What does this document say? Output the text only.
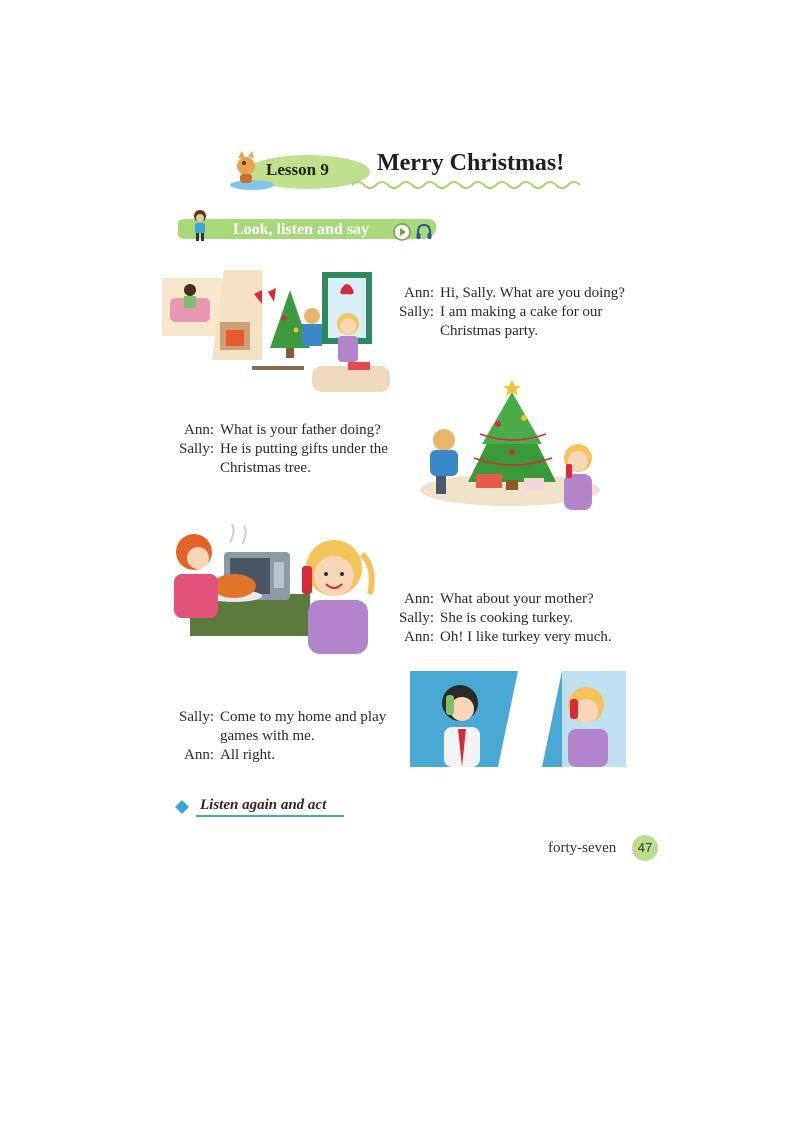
Lesson 9 Merry Christmas!
Look, listen and say
Ann: Hi, Sally. What are you doing?
Sally: I am making a cake for our
Christmas party.
Ann: What is your father doing?
Sally: He is putting gifts under the
Christmas tree.
Ann: What about your mother?
Sally: She is cooking turkey.
Ann: Oh! I like turkey very much.
Sally: Come to my home and play
games with me.
Ann: All right.
Listen again and act
forty-seven	47
